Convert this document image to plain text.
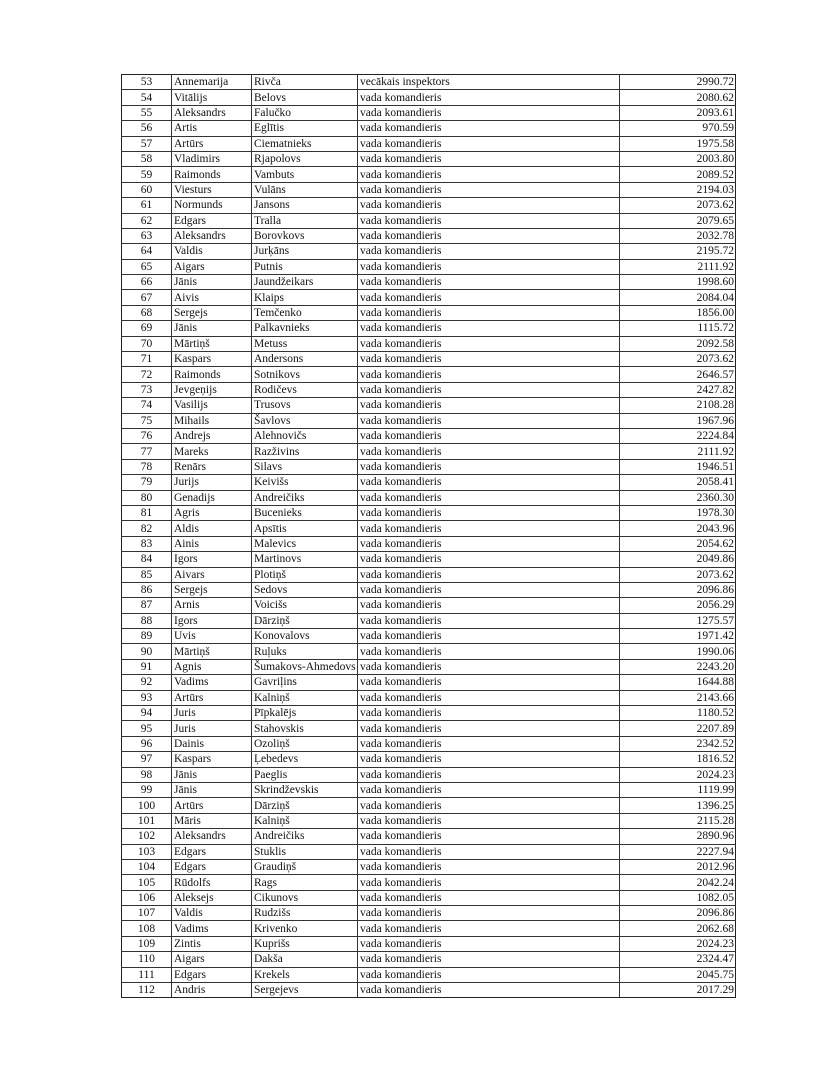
53	Annemarija	Rivča	vecākais inspektors	2990.72
54	Vitālijs	Belovs	vada komandieris	2080.62
55	Aleksandrs	Falučko	vada komandieris	2093.61
56	Artis	Eglītis	vada komandieris	970.59
57	Artūrs	Ciematnieks	vada komandieris	1975.58
58	Vladimirs	Rjapolovs	vada komandieris	2003.80
59	Raimonds	Vambuts	vada komandieris	2089.52
60	Viesturs	Vulāns	vada komandieris	2194.03
61	Normunds	Jansons	vada komandieris	2073.62
62	Edgars	Tralla	vada komandieris	2079.65
63	Aleksandrs	Borovkovs	vada komandieris	2032.78
64	Valdis	Jurķāns	vada komandieris	2195.72
65	Aigars	Putnis	vada komandieris	2111.92
66	Jānis	Jaundžeikars	vada komandieris	1998.60
67	Aivis	Klaips	vada komandieris	2084.04
68	Sergejs	Temčenko	vada komandieris	1856.00
69	Jānis	Palkavnieks	vada komandieris	1115.72
70	Mārtiņš	Metuss	vada komandieris	2092.58
71	Kaspars	Andersons	vada komandieris	2073.62
72	Raimonds	Sotnikovs	vada komandieris	2646.57
73	Jevgeņijs	Rodičevs	vada komandieris	2427.82
74	Vasilijs	Trusovs	vada komandieris	2108.28
75	Mihails	Šavlovs	vada komandieris	1967.96
76	Andrejs	Alehnovičs	vada komandieris	2224.84
77	Mareks	Razživins	vada komandieris	2111.92
78	Renārs	Silavs	vada komandieris	1946.51
79	Jurijs	Keivišs	vada komandieris	2058.41
80	Genadijs	Andreičiks	vada komandieris	2360.30
81	Agris	Bucenieks	vada komandieris	1978.30
82	Aldis	Apsītis	vada komandieris	2043.96
83	Ainis	Malevics	vada komandieris	2054.62
84	Igors	Martinovs	vada komandieris	2049.86
85	Aivars	Plotiņš	vada komandieris	2073.62
86	Sergejs	Sedovs	vada komandieris	2096.86
87	Arnis	Voicišs	vada komandieris	2056.29
88	Igors	Dārziņš	vada komandieris	1275.57
89	Uvis	Konovalovs	vada komandieris	1971.42
90	Mārtiņš	Ruļuks	vada komandieris	1990.06
91	Agnis	Šumakovs-Ahmedovs	vada komandieris	2243.20
92	Vadims	Gavriļins	vada komandieris	1644.88
93	Artūrs	Kalniņš	vada komandieris	2143.66
94	Juris	Pīpkalējs	vada komandieris	1180.52
95	Juris	Stahovskis	vada komandieris	2207.89
96	Dainis	Ozoliņš	vada komandieris	2342.52
97	Kaspars	Ļebedevs	vada komandieris	1816.52
98	Jānis	Paeglis	vada komandieris	2024.23
99	Jānis	Skrindževskis	vada komandieris	1119.99
100	Artūrs	Dārziņš	vada komandieris	1396.25
101	Māris	Kalniņš	vada komandieris	2115.28
102	Aleksandrs	Andreičiks	vada komandieris	2890.96
103	Edgars	Stuklis	vada komandieris	2227.94
104	Edgars	Graudiņš	vada komandieris	2012.96
105	Rūdolfs	Rags	vada komandieris	2042.24
106	Aleksejs	Cikunovs	vada komandieris	1082.05
107	Valdis	Rudzišs	vada komandieris	2096.86
108	Vadims	Krivenko	vada komandieris	2062.68
109	Zintis	Kuprišs	vada komandieris	2024.23
110	Aigars	Dakša	vada komandieris	2324.47
111	Edgars	Krekels	vada komandieris	2045.75
112	Andris	Sergejevs	vada komandieris	2017.29
